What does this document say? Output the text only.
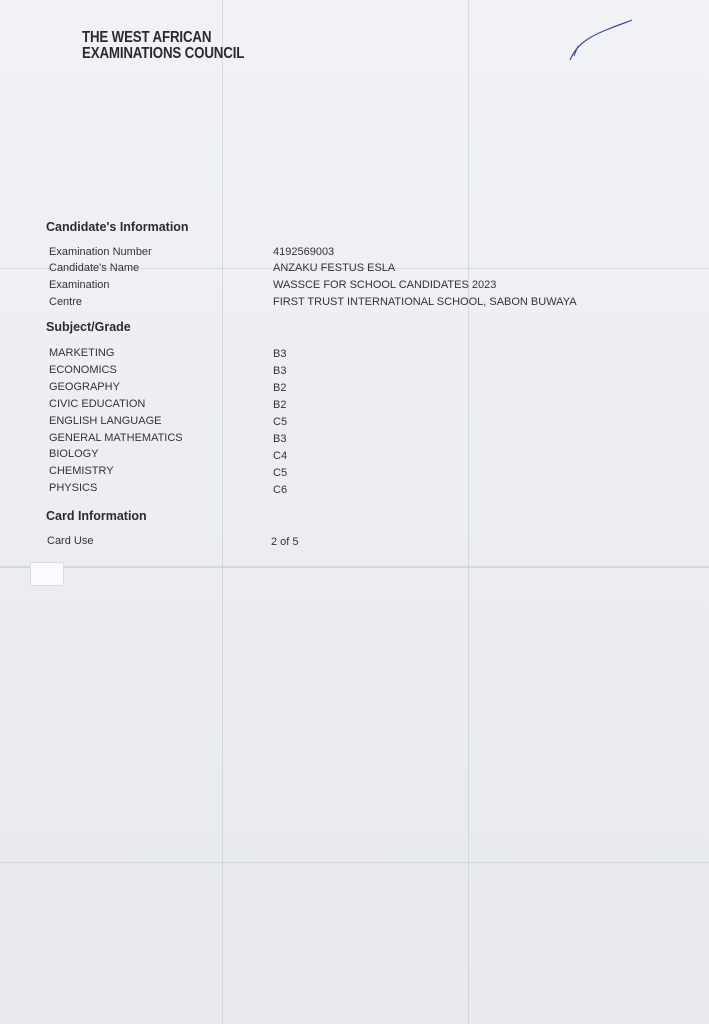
THE WEST AFRICAN
EXAMINATIONS COUNCIL
Candidate's Information
Examination Number	4192569003
Candidate's Name	ANZAKU FESTUS ESLA
Examination	WASSCE FOR SCHOOL CANDIDATES 2023
Centre	FIRST TRUST INTERNATIONAL SCHOOL, SABON BUWAYA
Subject/Grade
MARKETING	B3
ECONOMICS	B3
GEOGRAPHY	B2
CIVIC EDUCATION	B2
ENGLISH LANGUAGE	C5
GENERAL MATHEMATICS	B3
BIOLOGY	C4
CHEMISTRY	C5
PHYSICS	C6
Card Information
Card Use	2 of 5
